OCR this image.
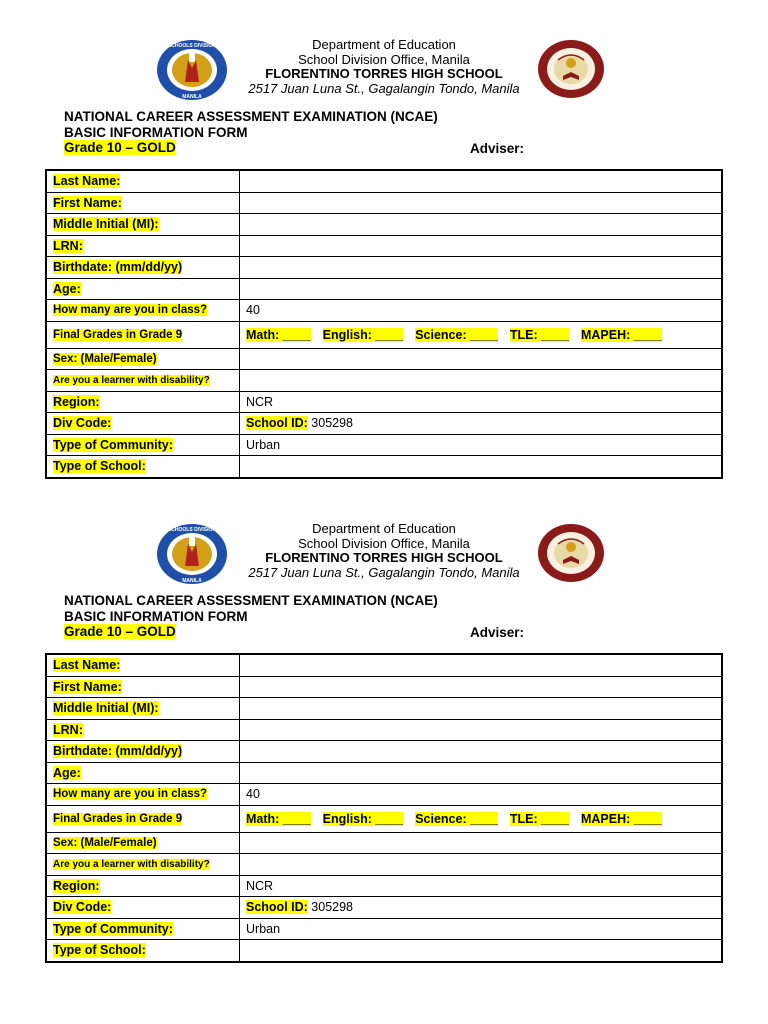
SCHOOLS DIVISION
MANILA
Department of Education
School Division Office, Manila
FLORENTINO TORRES HIGH SCHOOL
2517 Juan Luna St., Gagalangin Tondo, Manila
NATIONAL CAREER ASSESSMENT EXAMINATION (NCAE)
BASIC INFORMATION FORM
Grade 10 – GOLD	Adviser:
Last Name:	
First Name:	
Middle Initial (MI):	
LRN:	
Birthdate: (mm/dd/yy)	
Age:	
How many are you in class?	40
Final Grades in Grade 9	Math: ____ English: ____ Science: ____ TLE: ____ MAPEH: ____

Sex: (Male/Female)	
Are you a learner with disability?	
Region:	NCR
Div Code:	School ID: 305298
Type of Community:	Urban
Type of School:	
SCHOOLS DIVISION
MANILA
Department of Education
School Division Office, Manila
FLORENTINO TORRES HIGH SCHOOL
2517 Juan Luna St., Gagalangin Tondo, Manila
NATIONAL CAREER ASSESSMENT EXAMINATION (NCAE)
BASIC INFORMATION FORM
Grade 10 – GOLD	Adviser:
Last Name:	
First Name:	
Middle Initial (MI):	
LRN:	
Birthdate: (mm/dd/yy)	
Age:	
How many are you in class?	40
Final Grades in Grade 9	Math: ____ English: ____ Science: ____ TLE: ____ MAPEH: ____

Sex: (Male/Female)	
Are you a learner with disability?	
Region:	NCR
Div Code:	School ID: 305298
Type of Community:	Urban
Type of School:	
